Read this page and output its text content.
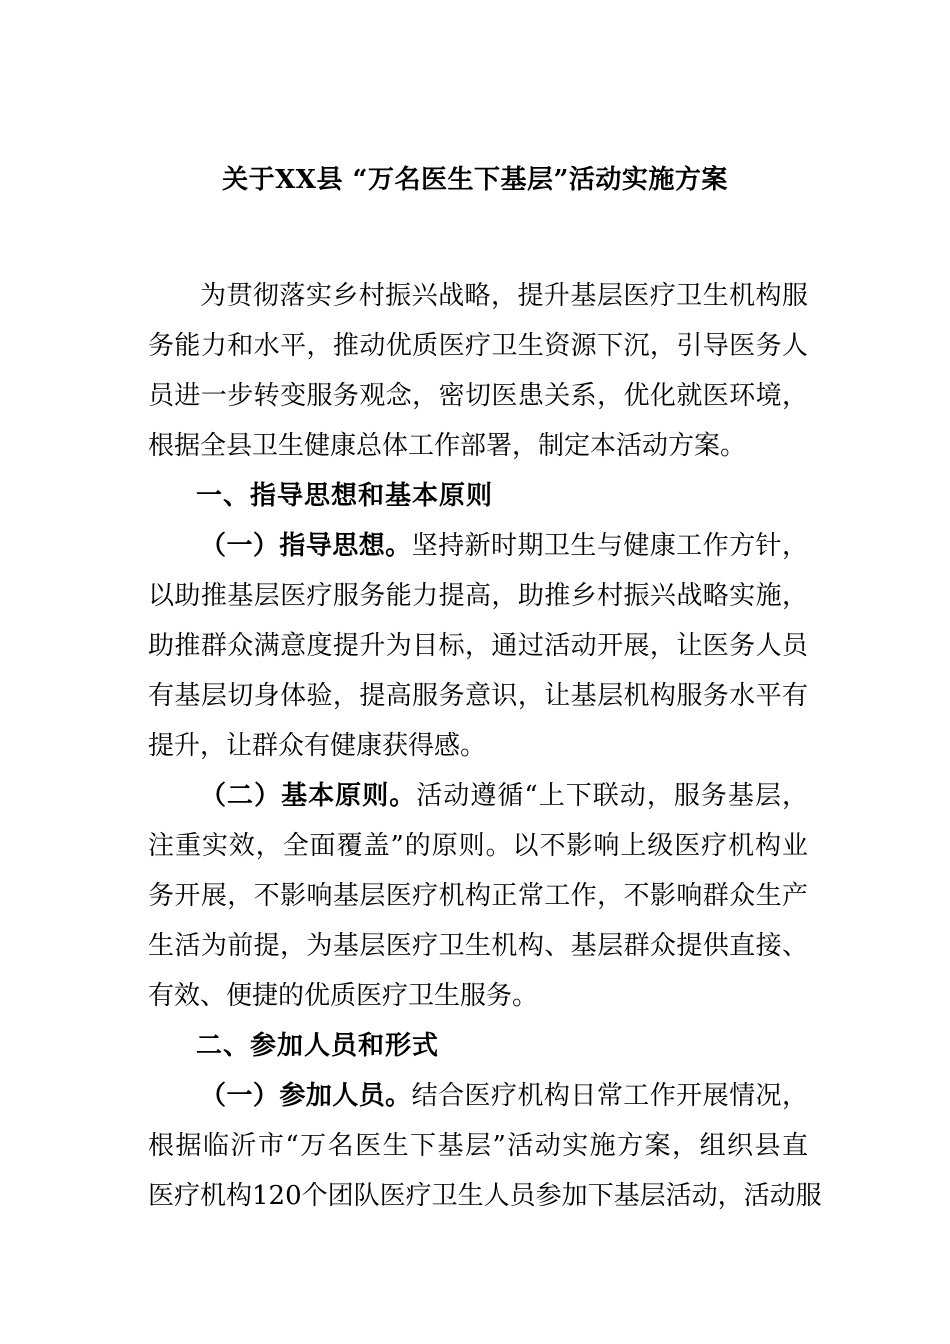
关于XX县 “万名医生下基层”活动实施方案
为贯彻落实乡村振兴战略，提升基层医疗卫生机构服
务能力和水平，推动优质医疗卫生资源下沉，引导医务人
员进一步转变服务观念，密切医患关系，优化就医环境，
根据全县卫生健康总体工作部署，制定本活动方案。
一、指导思想和基本原则
（一）指导思想。坚持新时期卫生与健康工作方针，
以助推基层医疗服务能力提高，助推乡村振兴战略实施，
助推群众满意度提升为目标，通过活动开展，让医务人员
有基层切身体验，提高服务意识，让基层机构服务水平有
提升，让群众有健康获得感。
（二）基本原则。活动遵循“上下联动，服务基层，
注重实效，全面覆盖”的原则。以不影响上级医疗机构业
务开展，不影响基层医疗机构正常工作，不影响群众生产
生活为前提，为基层医疗卫生机构、基层群众提供直接、
有效、便捷的优质医疗卫生服务。
二、参加人员和形式
（一）参加人员。结合医疗机构日常工作开展情况，
根据临沂市“万名医生下基层”活动实施方案，组织县直
医疗机构120个团队医疗卫生人员参加下基层活动，活动服
